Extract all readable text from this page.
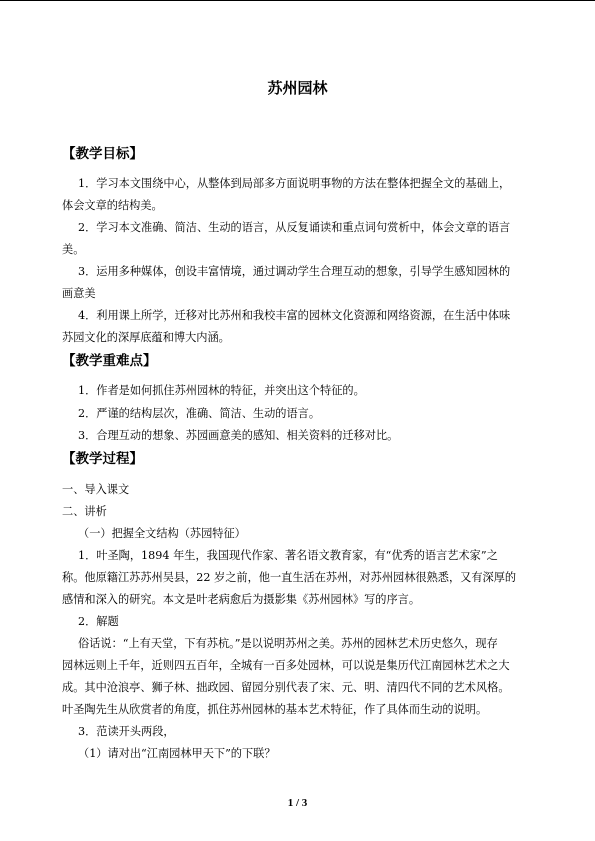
苏州园林
【教学目标】
1．学习本文围绕中心，从整体到局部多方面说明事物的方法在整体把握全文的基础上，
体会文章的结构美。
2．学习本文准确、简洁、生动的语言，从反复诵读和重点词句赏析中，体会文章的语言
美。
3．运用多种媒体，创设丰富情境，通过调动学生合理互动的想象，引导学生感知园林的
画意美
4．利用课上所学，迁移对比苏州和我校丰富的园林文化资源和网络资源，在生活中体味
苏园文化的深厚底蕴和博大内涵。
【教学重难点】
1．作者是如何抓住苏州园林的特征，并突出这个特征的。
2．严谨的结构层次，准确、简洁、生动的语言。
3．合理互动的想象、苏园画意美的感知、相关资料的迁移对比。
【教学过程】
一、导入课文
二、讲析
（一）把握全文结构（苏园特征）
1．叶圣陶，1894 年生，我国现代作家、著名语文教育家，有“优秀的语言艺术家”之
称。他原籍江苏苏州吴县，22 岁之前，他一直生活在苏州，对苏州园林很熟悉，又有深厚的
感情和深入的研究。本文是叶老病愈后为摄影集《苏州园林》写的序言。
2．解题
俗话说：“上有天堂，下有苏杭。”是以说明苏州之美。苏州的园林艺术历史悠久，现存
园林远则上千年，近则四五百年，全城有一百多处园林，可以说是集历代江南园林艺术之大
成。其中沧浪亭、狮子林、拙政园、留园分别代表了宋、元、明、清四代不同的艺术风格。
叶圣陶先生从欣赏者的角度，抓住苏州园林的基本艺术特征，作了具体而生动的说明。
3．范读开头两段，
（1）请对出“江南园林甲天下”的下联？
1 / 3
